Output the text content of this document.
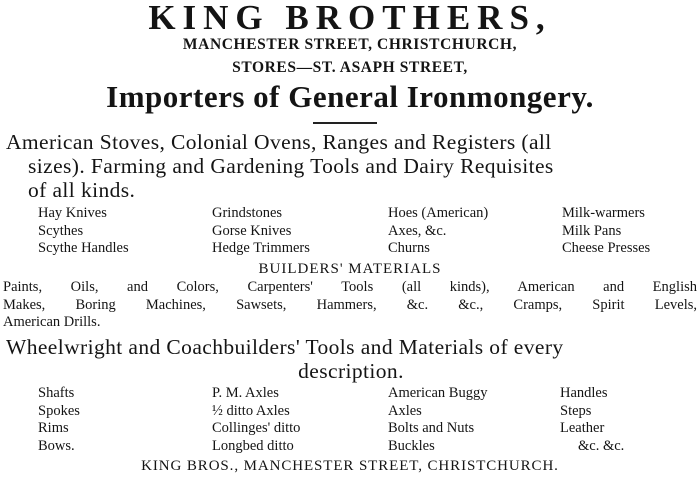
KING BROTHERS,
MANCHESTER STREET, CHRISTCHURCH,
STORES—ST. ASAPH STREET,
Importers of General Ironmongery.
American Stoves, Colonial Ovens, Ranges and Registers (all
sizes). Farming and Gardening Tools and Dairy Requisites
of all kinds.
Hay Knives
Scythes
Scythe Handles
Grindstones
Gorse Knives
Hedge Trimmers
Hoes (American)
Axes, &c.
Churns
Milk-warmers
Milk Pans
Cheese Presses
BUILDERS' MATERIALS
Paints, Oils, and Colors, Carpenters' Tools (all kinds), American and English
Makes, Boring Machines, Sawsets, Hammers, &c. &c., Cramps, Spirit Levels,
American Drills.
Wheelwright and Coachbuilders' Tools and Materials of every
description.
Shafts
Spokes
Rims
Bows.
P. M. Axles
½ ditto Axles
Collinges' ditto
Longbed ditto
American Buggy
Axles
Bolts and Nuts
Buckles
Handles
Steps
Leather
&c. &c.
KING BROS., MANCHESTER STREET, CHRISTCHURCH.
